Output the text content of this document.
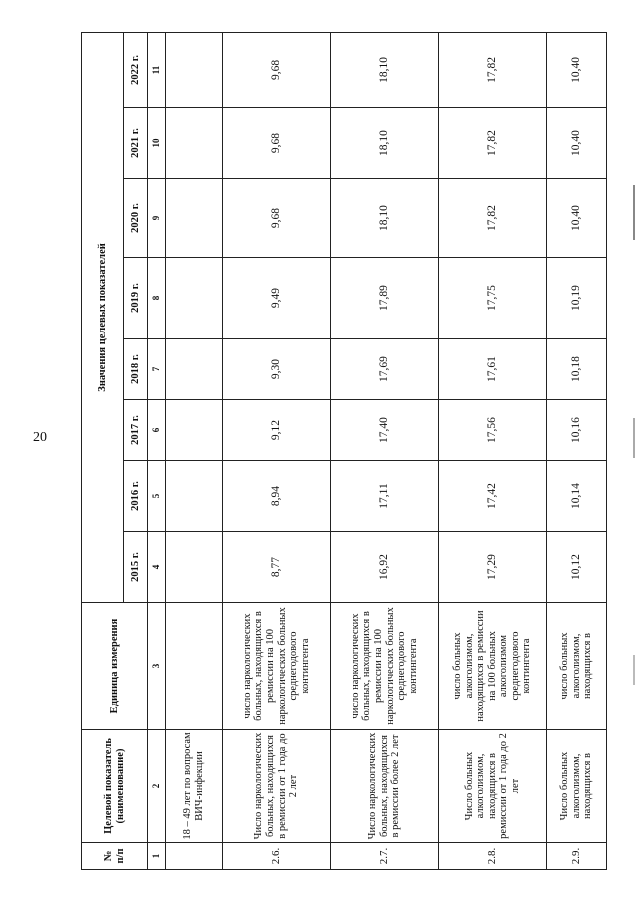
20
№ п/п	Целевой показатель (наименование)	Единица измерения	Значения целевых показателей							
			2015 г.	2016 г.	2017 г.	2018 г.	2019 г.	2020 г.	2021 г.	2022 г.
1	2	3	4	5	6	7	8	9	10	11
	18 – 49 лет по вопросам ВИЧ-инфекции									
2.6.	Число наркологических больных, находящихся в ремиссии от 1 года до 2 лет	число наркологических больных, находящихся в ремиссии на 100 наркологических больных среднегодового контингента	8,77	8,94	9,12	9,30	9,49	9,68	9,68	9,68
2.7.	Число наркологических больных, находящихся в ремиссии более 2 лет	число наркологических больных, находящихся в ремиссии на 100 наркологических больных среднегодового контингента	16,92	17,11	17,40	17,69	17,89	18,10	18,10	18,10
2.8.	Число больных алкоголизмом, находящихся в ремиссии от 1 года до 2 лет	число больных алкоголизмом, находящихся в ремиссии на 100 больных алкоголизмом среднегодового контингента	17,29	17,42	17,56	17,61	17,75	17,82	17,82	17,82
2.9.	Число больных алкоголизмом, находящихся в	число больных алкоголизмом, находящихся в	10,12	10,14	10,16	10,18	10,19	10,40	10,40	10,40
